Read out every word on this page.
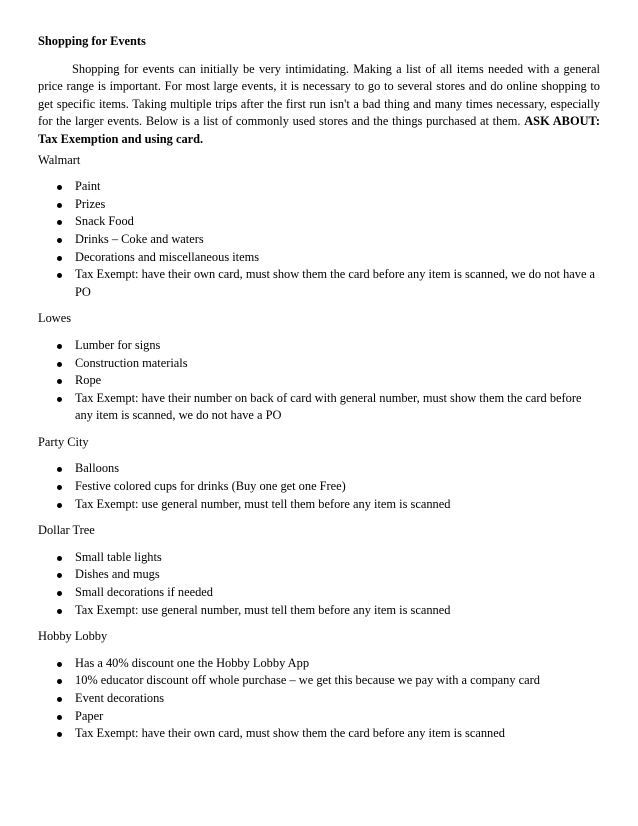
Shopping for Events

Shopping for events can initially be very intimidating. Making a list of all items needed with a general price range is important. For most large events, it is necessary to go to several stores and do online shopping to get specific items. Taking multiple trips after the first run isn't a bad thing and many times necessary, especially for the larger events. Below is a list of commonly used stores and the things purchased at them. ASK ABOUT: Tax Exemption and using card.

Walmart

Paint
Prizes
Snack Food
Drinks – Coke and waters
Decorations and miscellaneous items
Tax Exempt: have their own card, must show them the card before any item is scanned, we do not have a PO

Lowes

Lumber for signs
Construction materials
Rope
Tax Exempt: have their number on back of card with general number, must show them the card before any item is scanned, we do not have a PO

Party City

Balloons
Festive colored cups for drinks (Buy one get one Free)
Tax Exempt: use general number, must tell them before any item is scanned

Dollar Tree

Small table lights
Dishes and mugs
Small decorations if needed
Tax Exempt: use general number, must tell them before any item is scanned

Hobby Lobby

Has a 40% discount one the Hobby Lobby App
10% educator discount off whole purchase – we get this because we pay with a company card
Event decorations
Paper
Tax Exempt: have their own card, must show them the card before any item is scanned
